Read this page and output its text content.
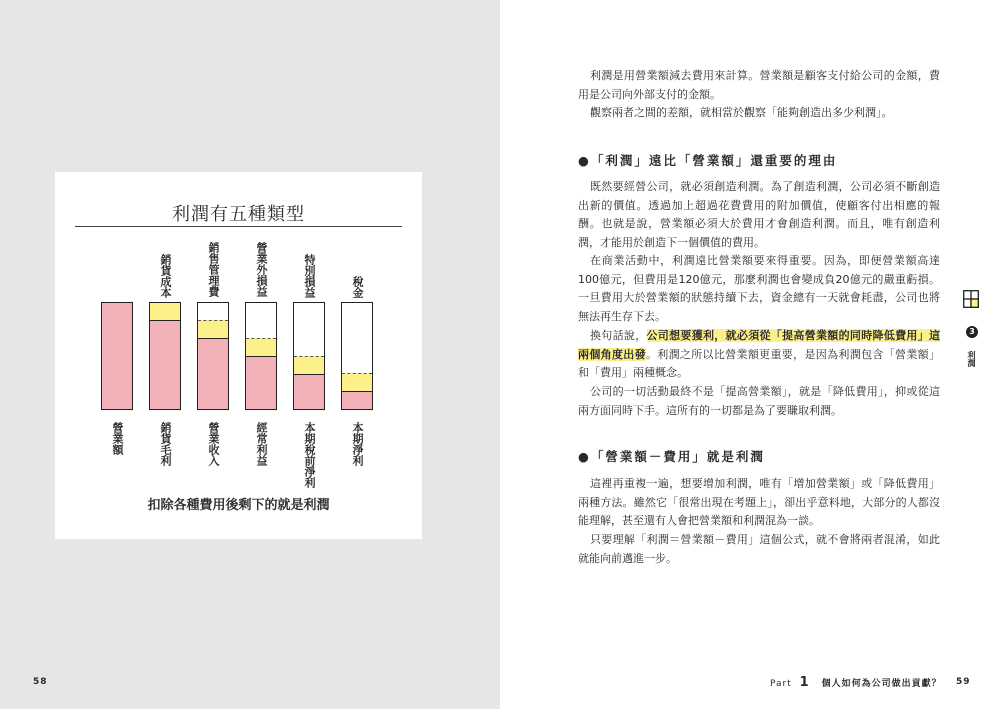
利潤有五種類型
銷貨成本	銷售管理費	營業外損益	特別損益	稅金
營業額	銷貨毛利	營業收入	經常利益	本期稅前淨利	本期淨利
扣除各種費用後剩下的就是利潤
58

利潤是用營業額減去費用來計算。營業額是顧客支付給公司的金額，費用是公司向外部支付的金額。

觀察兩者之間的差額，就相當於觀察「能夠創造出多少利潤」。

●「利潤」遠比「營業額」還重要的理由

既然要經營公司，就必須創造利潤。為了創造利潤，公司必須不斷創造出新的價值。透過加上超過花費費用的附加價值，使顧客付出相應的報酬。也就是說，營業額必須大於費用才會創造利潤。而且，唯有創造利潤，才能用於創造下一個價值的費用。

在商業活動中，利潤遠比營業額要來得重要。因為，即便營業額高達100億元，但費用是120億元，那麼利潤也會變成負20億元的嚴重虧損。一旦費用大於營業額的狀態持續下去，資金總有一天就會耗盡，公司也將無法再生存下去。

換句話說，公司想要獲利，就必須從「提高營業額的同時降低費用」這兩個角度出發。利潤之所以比營業額更重要，是因為利潤包含「營業額」和「費用」兩種概念。

公司的一切活動最終不是「提高營業額」，就是「降低費用」，抑或從這兩方面同時下手。這所有的一切都是為了要賺取利潤。

●「營業額－費用」就是利潤

這裡再重複一遍，想要增加利潤，唯有「增加營業額」或「降低費用」兩種方法。雖然它「很常出現在考題上」，卻出乎意料地，大部分的人都沒能理解，甚至還有人會把營業額和利潤混為一談。

只要理解「利潤＝營業額－費用」這個公式，就不會將兩者混淆，如此就能向前邁進一步。

3
利潤
Part 1 個人如何為公司做出貢獻？ 59
